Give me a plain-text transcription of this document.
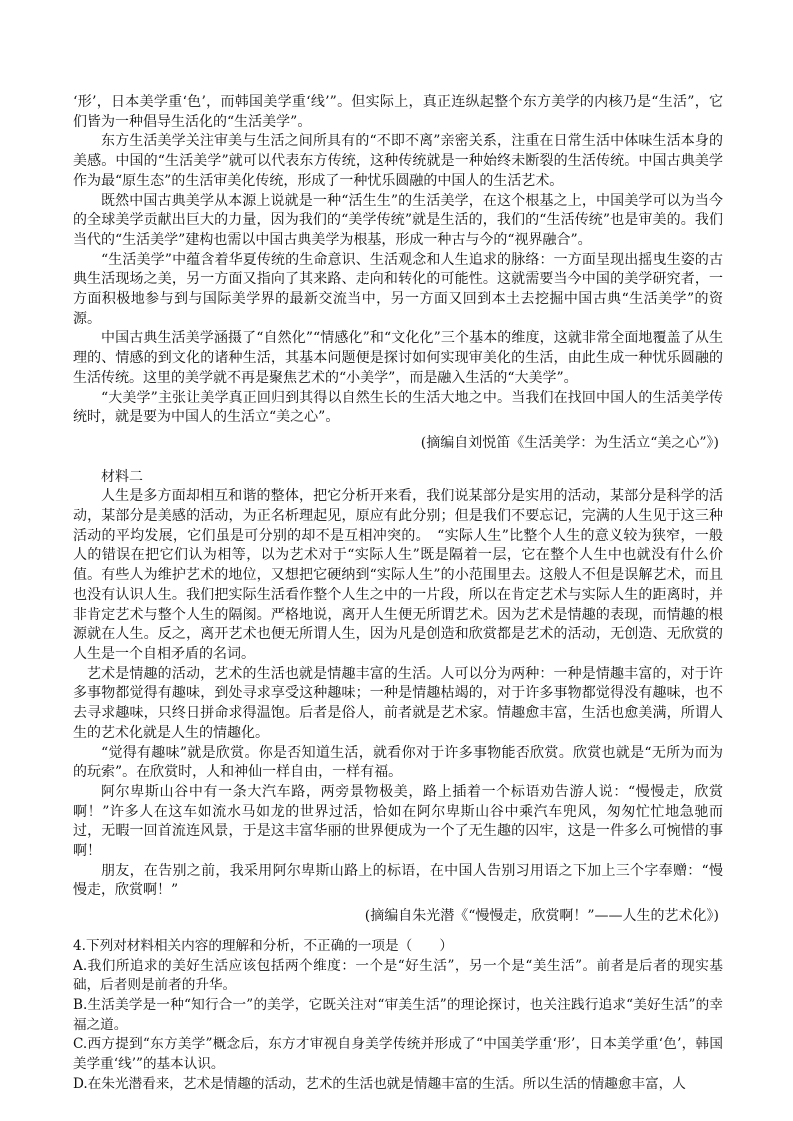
‘形’，日本美学重‘色’，而韩国美学重‘线’”。但实际上，真正连纵起整个东方美学的内核乃是“生活”，它们皆为一种倡导生活化的“生活美学”。

东方生活美学关注审美与生活之间所具有的“不即不离”亲密关系，注重在日常生活中体味生活本身的美感。中国的“生活美学”就可以代表东方传统，这种传统就是一种始终未断裂的生活传统。中国古典美学作为最“原生态”的生活审美化传统，形成了一种忧乐圆融的中国人的生活艺术。

既然中国古典美学从本源上说就是一种“活生生”的生活美学，在这个根基之上，中国美学可以为当今的全球美学贡献出巨大的力量，因为我们的“美学传统”就是生活的，我们的“生活传统”也是审美的。我们当代的“生活美学”建构也需以中国古典美学为根基，形成一种古与今的“视界融合”。

“生活美学”中蕴含着华夏传统的生命意识、生活观念和人生追求的脉络：一方面呈现出摇曳生姿的古典生活现场之美，另一方面又指向了其来路、走向和转化的可能性。这就需要当今中国的美学研究者，一方面积极地参与到与国际美学界的最新交流当中，另一方面又回到本土去挖掘中国古典“生活美学”的资源。

中国古典生活美学涵摄了“自然化”“情感化”和“文化化”三个基本的维度，这就非常全面地覆盖了从生理的、情感的到文化的诸种生活，其基本问题便是探讨如何实现审美化的生活，由此生成一种忧乐圆融的生活传统。这里的美学就不再是聚焦艺术的“小美学”，而是融入生活的“大美学”。

“大美学”主张让美学真正回归到其得以自然生长的生活大地之中。当我们在找回中国人的生活美学传统时，就是要为中国人的生活立“美之心”。

(摘编自刘悦笛《生活美学：为生活立“美之心”》)

材料二

人生是多方面却相互和谐的整体，把它分析开来看，我们说某部分是实用的活动，某部分是科学的活动，某部分是美感的活动，为正名析理起见，原应有此分别；但是我们不要忘记，完满的人生见于这三种活动的平均发展，它们虽是可分别的却不是互相冲突的。　“实际人生”比整个人生的意义较为狭窄，一般人的错误在把它们认为相等，以为艺术对于“实际人生”既是隔着一层，它在整个人生中也就没有什么价值。有些人为维护艺术的地位，又想把它硬纳到“实际人生”的小范围里去。这般人不但是误解艺术，而且也没有认识人生。我们把实际生活看作整个人生之中的一片段，所以在肯定艺术与实际人生的距离时，并非肯定艺术与整个人生的隔阂。严格地说，离开人生便无所谓艺术。因为艺术是情趣的表现，而情趣的根源就在人生。反之，离开艺术也便无所谓人生，因为凡是创造和欣赏都是艺术的活动，无创造、无欣赏的人生是一个自相矛盾的名词。

艺术是情趣的活动，艺术的生活也就是情趣丰富的生活。人可以分为两种：一种是情趣丰富的，对于许多事物都觉得有趣味，到处寻求享受这种趣味；一种是情趣枯竭的，对于许多事物都觉得没有趣味，也不去寻求趣味，只终日拼命求得温饱。后者是俗人，前者就是艺术家。情趣愈丰富，生活也愈美满，所谓人生的艺术化就是人生的情趣化。

“觉得有趣味”就是欣赏。你是否知道生活，就看你对于许多事物能否欣赏。欣赏也就是“无所为而为的玩索”。在欣赏时，人和神仙一样自由，一样有福。

阿尔卑斯山谷中有一条大汽车路，两旁景物极美，路上插着一个标语劝告游人说：“慢慢走，欣赏啊！”许多人在这车如流水马如龙的世界过活，恰如在阿尔卑斯山谷中乘汽车兜风，匆匆忙忙地急驰而过，无暇一回首流连风景，于是这丰富华丽的世界便成为一个了无生趣的囚牢，这是一件多么可惋惜的事啊！

朋友，在告别之前，我采用阿尔卑斯山路上的标语，在中国人告别习用语之下加上三个字奉赠：“慢慢走，欣赏啊！”

(摘编自朱光潜《“慢慢走，欣赏啊！”——人生的艺术化》)

4.下列对材料相关内容的理解和分析，不正确的一项是（　　）

A.我们所追求的美好生活应该包括两个维度：一个是“好生活”，另一个是“美生活”。前者是后者的现实基础，后者则是前者的升华。

B.生活美学是一种“知行合一”的美学，它既关注对“审美生活”的理论探讨，也关注践行追求“美好生活”的幸福之道。

C.西方提到“东方美学”概念后，东方才审视自身美学传统并形成了“中国美学重‘形’，日本美学重‘色’，韩国美学重‘线’”的基本认识。

D.在朱光潜看来，艺术是情趣的活动，艺术的生活也就是情趣丰富的生活。所以生活的情趣愈丰富，人
